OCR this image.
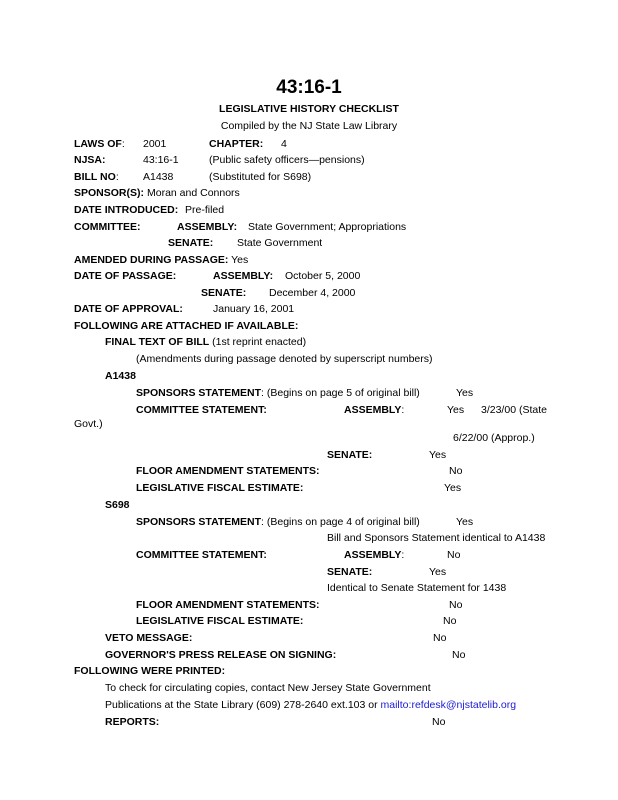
43:16-1
LEGISLATIVE HISTORY CHECKLIST
Compiled by the NJ State Law Library
LAWS OF: 2001	CHAPTER: 4
NJSA:	43:16-1	(Public safety officers—pensions)
BILL NO: A1438	(Substituted for S698)
SPONSOR(S): Moran and Connors
DATE INTRODUCED: Pre-filed
COMMITTEE:	ASSEMBLY: State Government; Appropriations
SENATE: State Government
AMENDED DURING PASSAGE: Yes
DATE OF PASSAGE:	ASSEMBLY: October 5, 2000
SENATE: December 4, 2000
DATE OF APPROVAL:	January 16, 2001
FOLLOWING ARE ATTACHED IF AVAILABLE:
FINAL TEXT OF BILL (1st reprint enacted)
(Amendments during passage denoted by superscript numbers)
A1438
SPONSORS STATEMENT: (Begins on page 5 of original bill)	Yes
COMMITTEE STATEMENT:	ASSEMBLY:	Yes 3/23/00 (State
Govt.)
6/22/00 (Approp.)
SENATE:	Yes
FLOOR AMENDMENT STATEMENTS:	No
LEGISLATIVE FISCAL ESTIMATE:	Yes
S698
SPONSORS STATEMENT: (Begins on page 4 of original bill)	Yes
Bill and Sponsors Statement identical to A1438
COMMITTEE STATEMENT:	ASSEMBLY:	No
SENATE:	Yes
Identical to Senate Statement for 1438
FLOOR AMENDMENT STATEMENTS:	No
LEGISLATIVE FISCAL ESTIMATE:	No
VETO MESSAGE:	No
GOVERNOR'S PRESS RELEASE ON SIGNING:	No
FOLLOWING WERE PRINTED:
To check for circulating copies, contact New Jersey State Government
Publications at the State Library (609) 278-2640 ext.103 or mailto:refdesk@njstatelib.org
REPORTS:	No
